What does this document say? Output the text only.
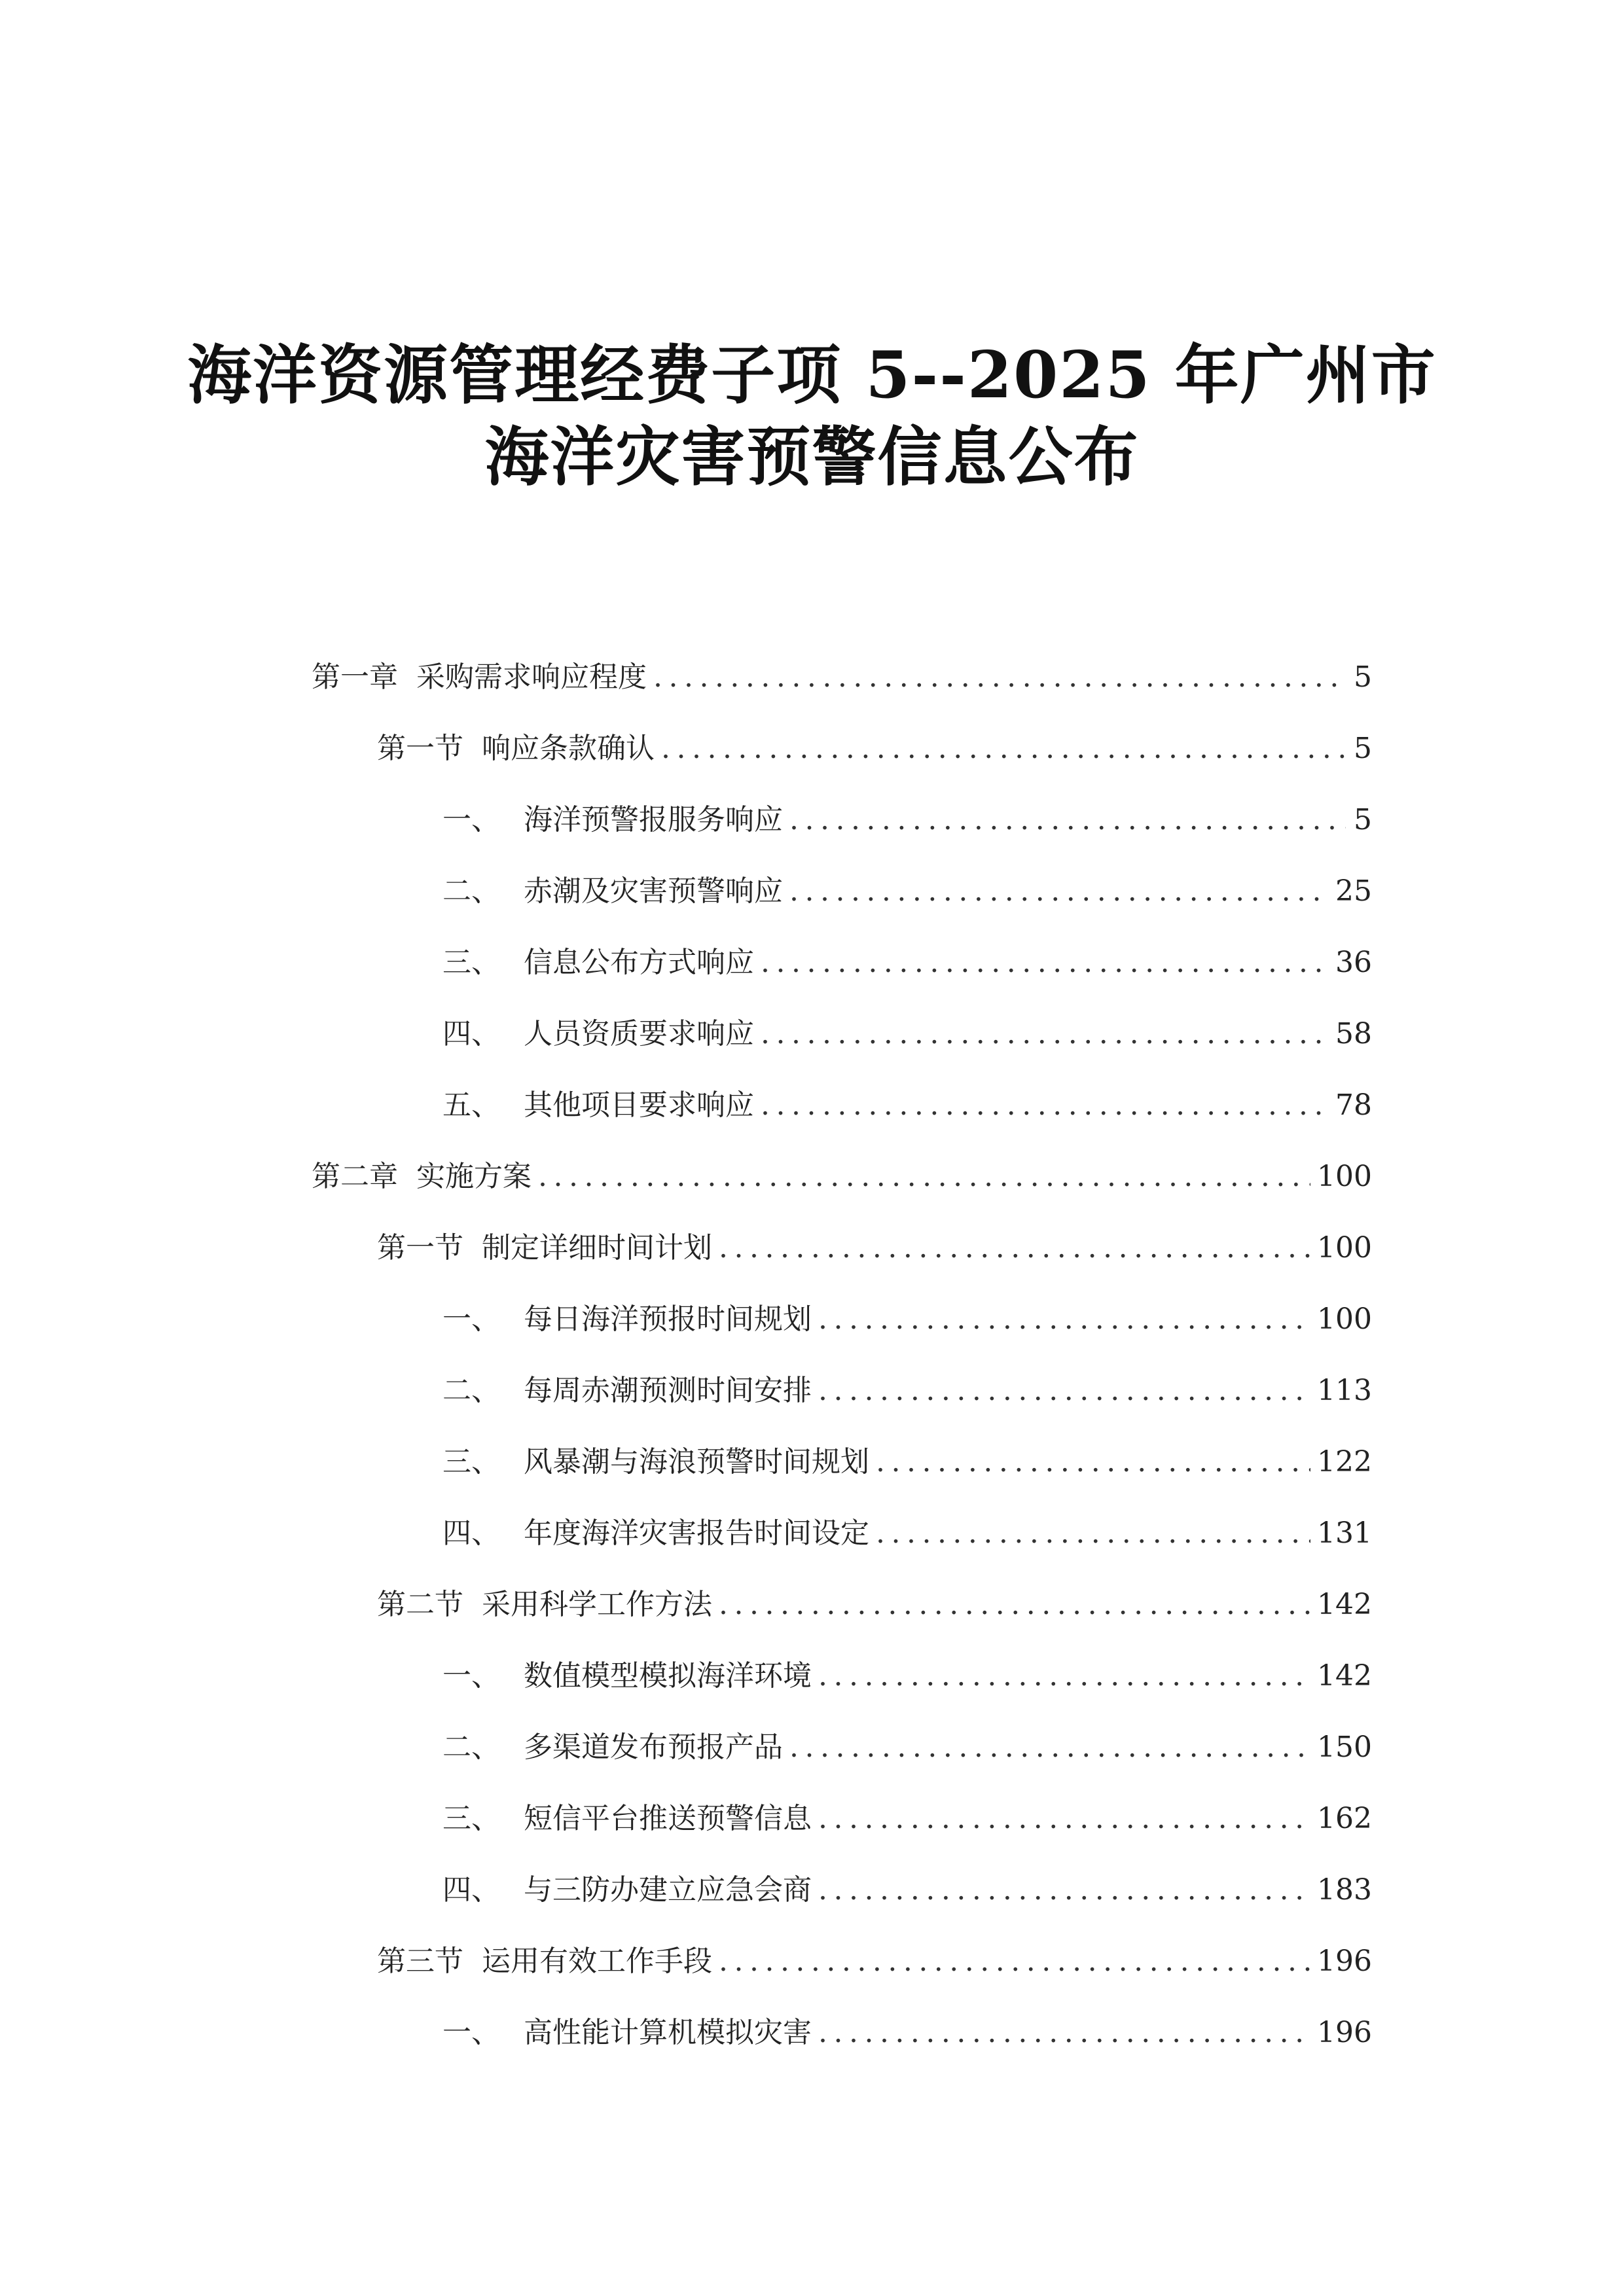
海洋资源管理经费子项 5--2025 年广州市
海洋灾害预警信息公布
第一章 采购需求响应程度 .....	5
第一节 响应条款确认 .....	5
一、 海洋预警报服务响应 .....	5
二、 赤潮及灾害预警响应 .....	25
三、 信息公布方式响应 .....	36
四、 人员资质要求响应 .....	58
五、 其他项目要求响应 .....	78
第二章 实施方案 .....	100
第一节 制定详细时间计划 .....	100
一、 每日海洋预报时间规划 .....	100
二、 每周赤潮预测时间安排 .....	113
三、 风暴潮与海浪预警时间规划 .....	122
四、 年度海洋灾害报告时间设定 .....	131
第二节 采用科学工作方法 .....	142
一、 数值模型模拟海洋环境 .....	142
二、 多渠道发布预报产品 .....	150
三、 短信平台推送预警信息 .....	162
四、 与三防办建立应急会商 .....	183
第三节 运用有效工作手段 .....	196
一、 高性能计算机模拟灾害 .....	196
